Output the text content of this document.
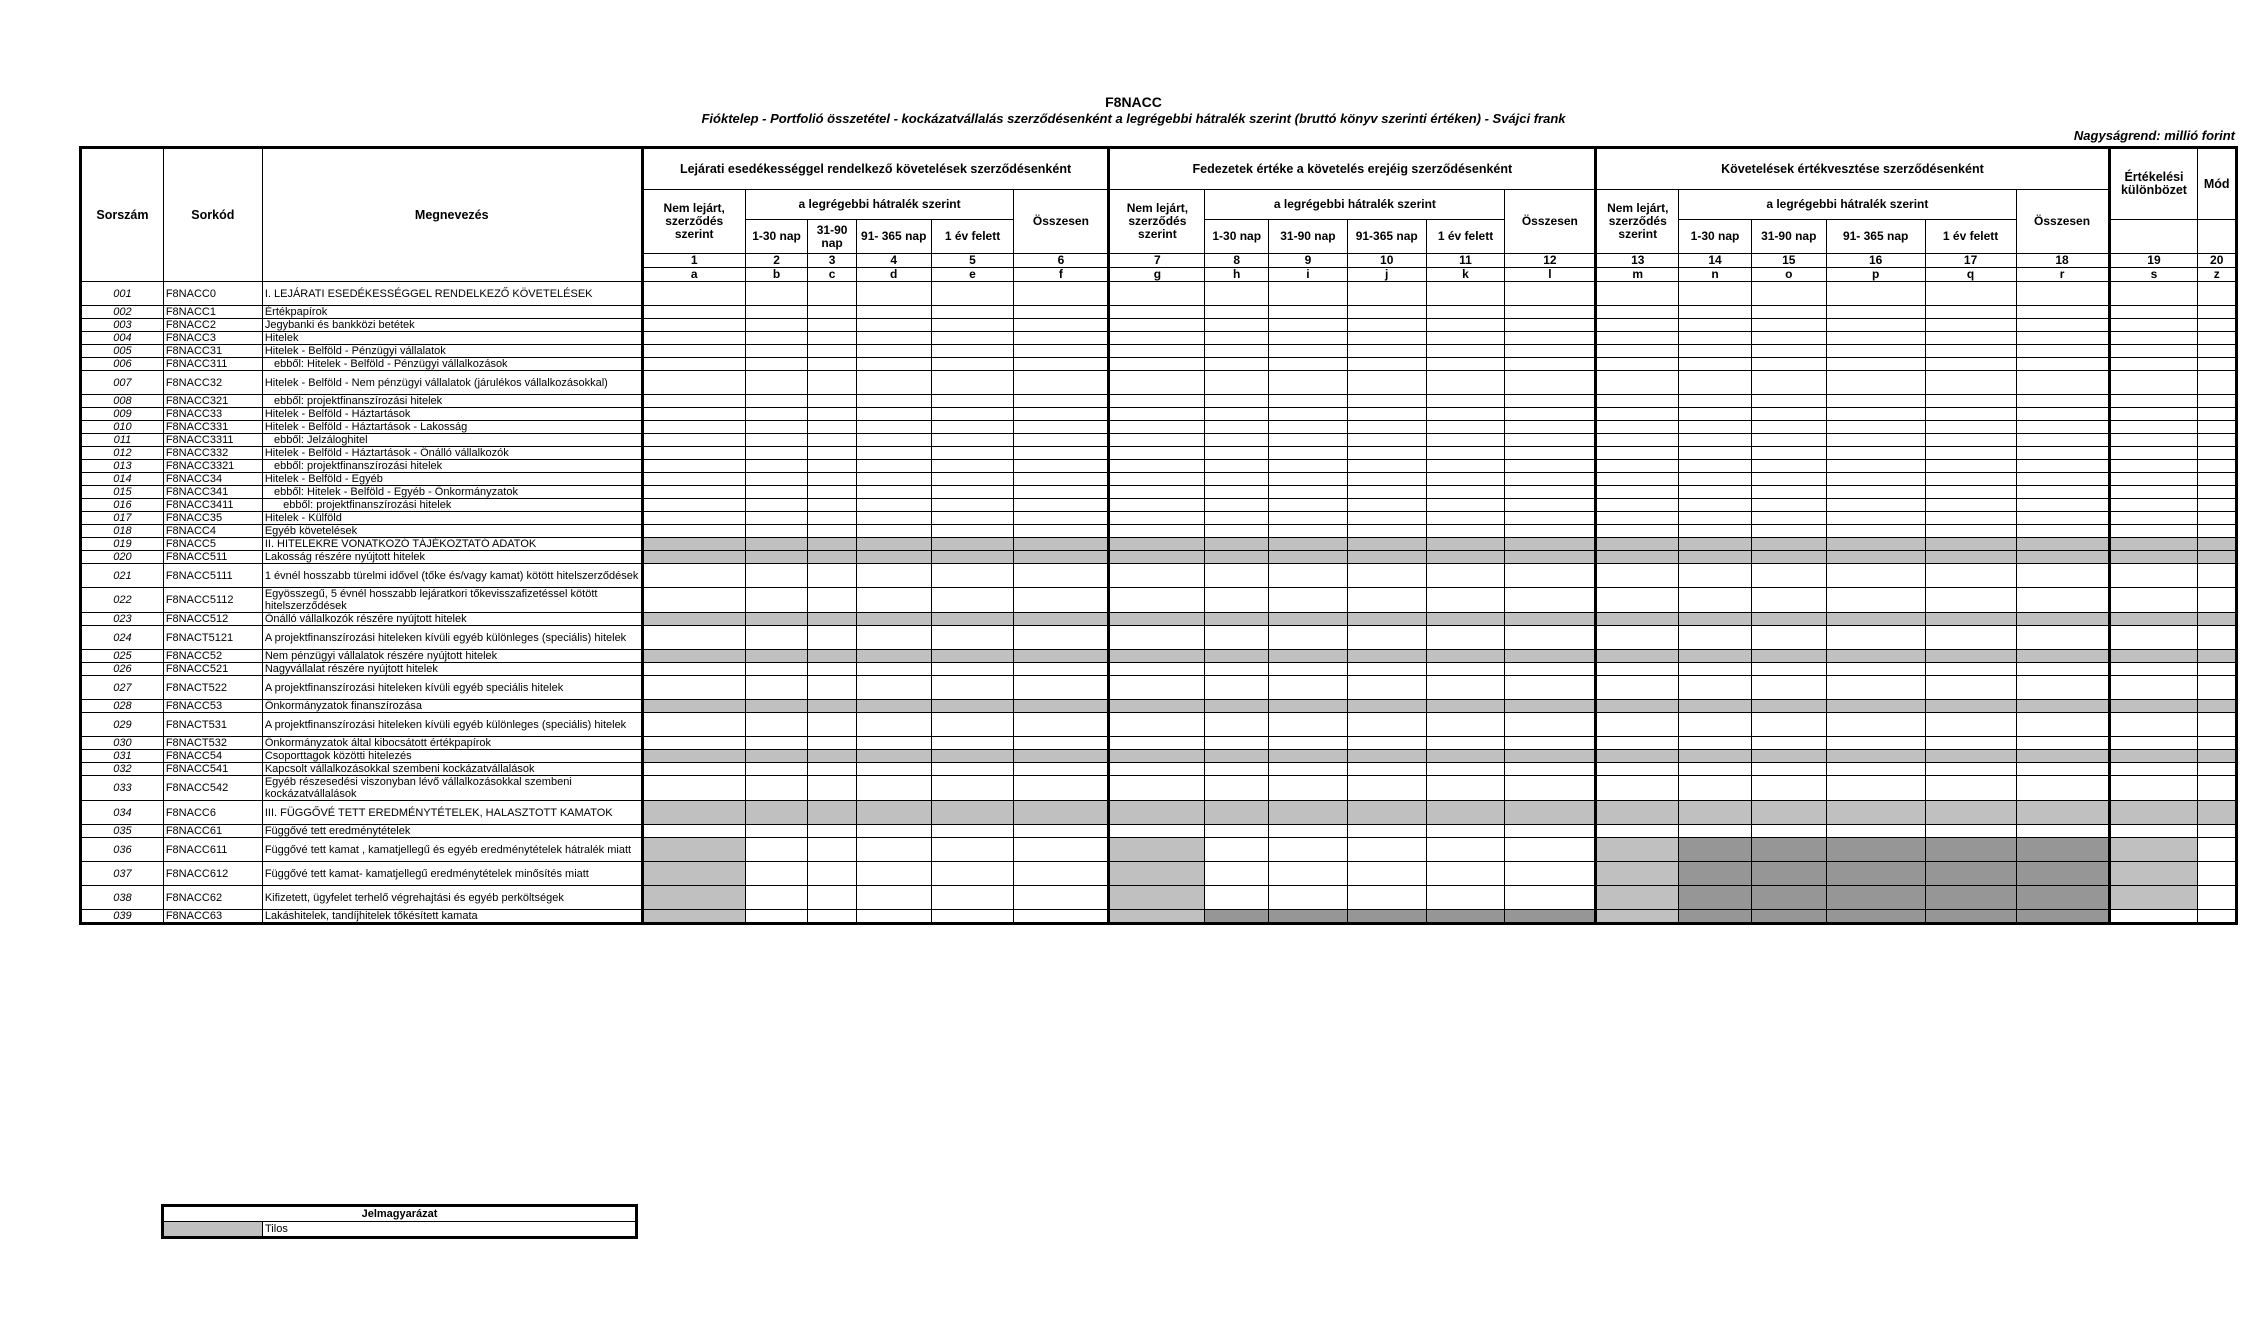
F8NACC
Fióktelep - Portfolió összetétel - kockázatvállalás szerződésenként a legrégebbi hátralék szerint (bruttó könyv szerinti értéken) - Svájci frank
Nagyságrend: millió forint
Sorszám	Sorkód	Megnevezés	Lejárati esedékességgel rendelkező követelések szerződésenként						Fedezetek értéke a követelés erejéig szerződésenként						Követelések értékvesztése szerződésenként						Értékelési különbözet	Mód
			Nem lejárt, szerződés szerint	a legrégebbi hátralék szerint				Összesen	Nem lejárt, szerződés szerint	a legrégebbi hátralék szerint				Összesen	Nem lejárt, szerződés szerint	a legrégebbi hátralék szerint				Összesen		
				1-30 nap	31-90 nap	91- 365 nap	1 év felett			1-30 nap	31-90 nap	91-365 nap	1 év felett			1-30 nap	31-90 nap	91- 365 nap	1 év felett			
			1	2	3	4	5	6	7	8	9	10	11	12	13	14	15	16	17	18	19	20
			a	b	c	d	e	f	g	h	i	j	k	l	m	n	o	p	q	r	s	z
001	F8NACC0	I. LEJÁRATI ESEDÉKESSÉGGEL RENDELKEZŐ KÖVETELÉSEK																				
002	F8NACC1	Értékpapírok																				
003	F8NACC2	Jegybanki és bankközi betétek																				
004	F8NACC3	Hitelek																				
005	F8NACC31	Hitelek - Belföld - Pénzügyi vállalatok																				
006	F8NACC311	ebből: Hitelek - Belföld - Pénzügyi vállalkozások																				
007	F8NACC32	Hitelek - Belföld - Nem pénzügyi vállalatok (járulékos vállalkozásokkal)																				
008	F8NACC321	ebből: projektfinanszírozási hitelek																				
009	F8NACC33	Hitelek - Belföld - Háztartások																				
010	F8NACC331	Hitelek - Belföld - Háztartások - Lakosság																				
011	F8NACC3311	ebből: Jelzáloghitel																				
012	F8NACC332	Hitelek - Belföld - Háztartások - Önálló vállalkozók																				
013	F8NACC3321	ebből: projektfinanszírozási hitelek																				
014	F8NACC34	Hitelek - Belföld - Egyéb																				
015	F8NACC341	ebből: Hitelek - Belföld - Egyéb - Önkormányzatok																				
016	F8NACC3411	ebből: projektfinanszírozási hitelek																				
017	F8NACC35	Hitelek - Külföld																				
018	F8NACC4	Egyéb követelések																				
019	F8NACC5	II. HITELEKRE VONATKOZÓ TÁJÉKOZTATÓ ADATOK																				
020	F8NACC511	Lakosság részére nyújtott hitelek																				
021	F8NACC5111	1 évnél hosszabb türelmi idővel (tőke és/vagy kamat) kötött hitelszerződések																				
022	F8NACC5112	Egyösszegű, 5 évnél hosszabb lejáratkori tőkevisszafizetéssel kötött hitelszerződések																				
023	F8NACC512	Önálló vállalkozók részére nyújtott hitelek																				
024	F8NACT5121	A projektfinanszírozási hiteleken kívüli egyéb különleges (speciális) hitelek																				
025	F8NACC52	Nem pénzügyi vállalatok részére nyújtott hitelek																				
026	F8NACC521	Nagyvállalat részére nyújtott hitelek																				
027	F8NACT522	A projektfinanszírozási hiteleken kívüli egyéb speciális hitelek																				
028	F8NACC53	Önkormányzatok finanszírozása																				
029	F8NACT531	A projektfinanszírozási hiteleken kívüli egyéb különleges (speciális) hitelek																				
030	F8NACT532	Önkormányzatok által kibocsátott értékpapírok																				
031	F8NACC54	Csoporttagok közötti hitelezés																				
032	F8NACC541	Kapcsolt vállalkozásokkal szembeni kockázatvállalások																				
033	F8NACC542	Egyéb részesedési viszonyban lévő vállalkozásokkal szembeni kockázatvállalások																				
034	F8NACC6	III. FÜGGŐVÉ TETT EREDMÉNYTÉTELEK, HALASZTOTT KAMATOK																				
035	F8NACC61	Függővé tett eredménytételek																				
036	F8NACC611	Függővé tett kamat , kamatjellegű és egyéb eredménytételek hátralék miatt																				
037	F8NACC612	Függővé tett kamat- kamatjellegű eredménytételek minősítés miatt																				
038	F8NACC62	Kifizetett, ügyfelet terhelő végrehajtási és egyéb perköltségek																				
039	F8NACC63	Lakáshitelek, tandíjhitelek tőkésített kamata																				
Jelmagyarázat
	Tilos
